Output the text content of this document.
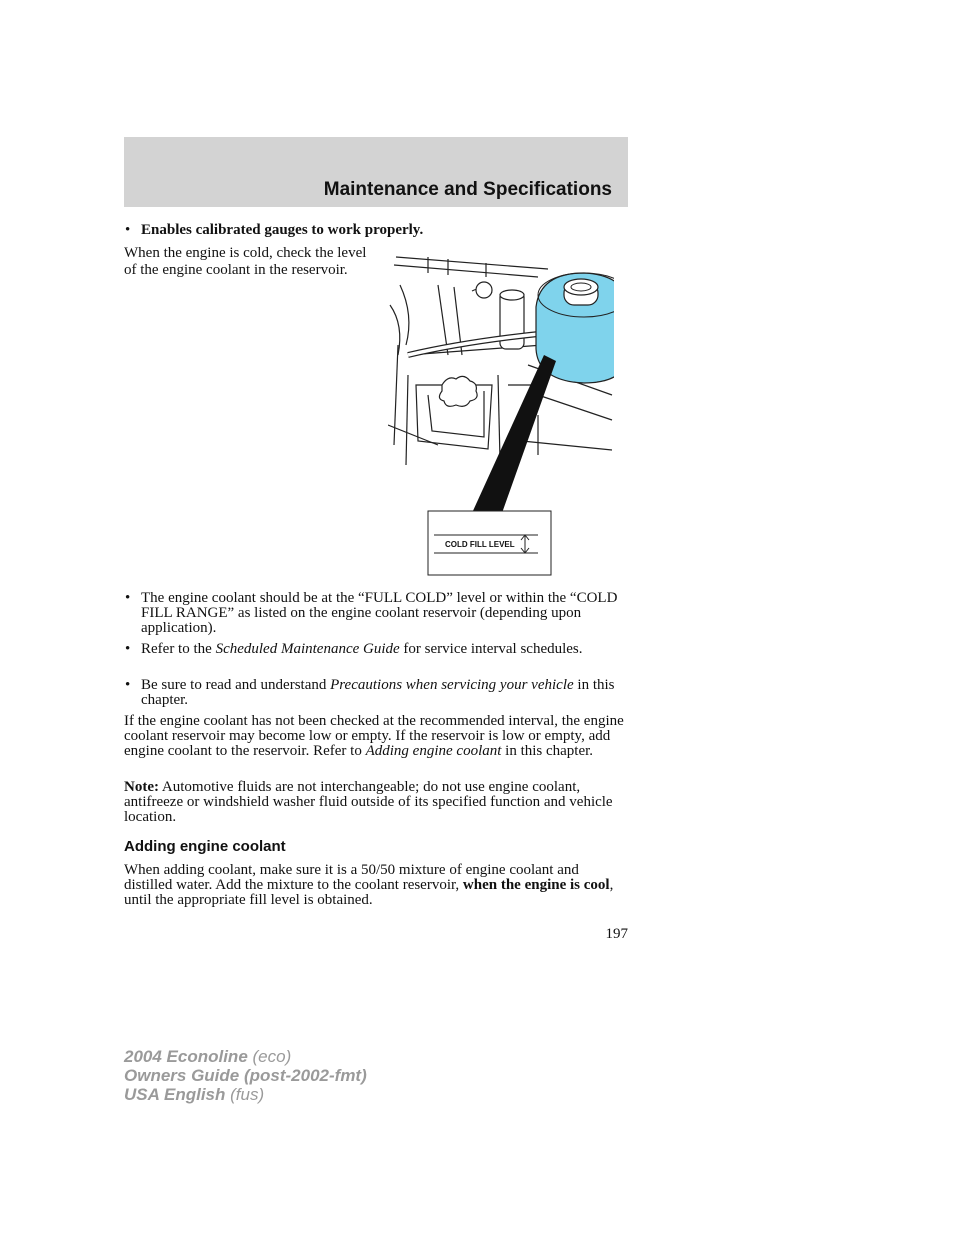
Maintenance and Specifications
• Enables calibrated gauges to work properly.
When the engine is cold, check the level of the engine coolant in the reservoir.
COLD FILL LEVEL
• The engine coolant should be at the “FULL COLD” level or within the “COLD FILL RANGE” as listed on the engine coolant reservoir (depending upon application).
• Refer to the Scheduled Maintenance Guide for service interval schedules.
• Be sure to read and understand Precautions when servicing your vehicle in this chapter.
If the engine coolant has not been checked at the recommended interval, the engine coolant reservoir may become low or empty. If the reservoir is low or empty, add engine coolant to the reservoir. Refer to Adding engine coolant in this chapter.
Note: Automotive fluids are not interchangeable; do not use engine coolant, antifreeze or windshield washer fluid outside of its specified function and vehicle location.
Adding engine coolant
When adding coolant, make sure it is a 50/50 mixture of engine coolant and distilled water. Add the mixture to the coolant reservoir, when the engine is cool, until the appropriate fill level is obtained.
197
2004 Econoline (eco)
Owners Guide (post-2002-fmt)
USA English (fus)
